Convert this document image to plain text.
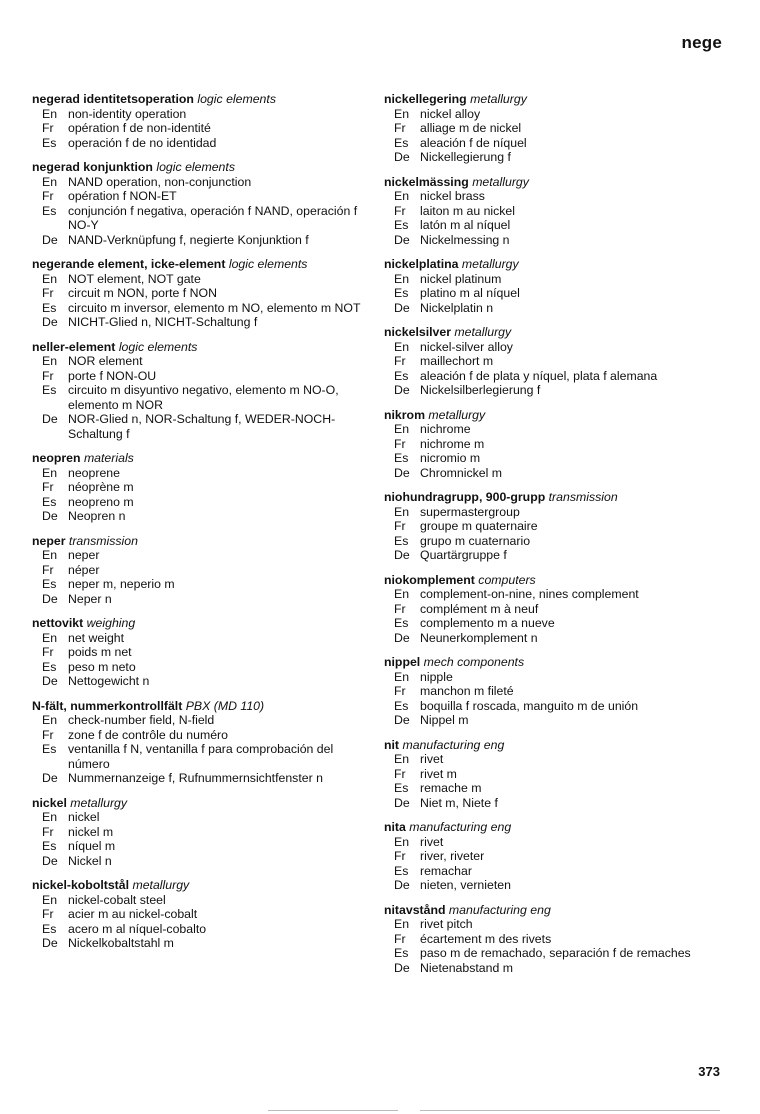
nege
negerad identitetsoperation logic elements
En non-identity operation
Fr	opération f de non-identité
Es operación f de no identidad
negerad konjunktion logic elements
En NAND operation, non-conjunction
Fr	opération f NON-ET
Es conjunción f negativa, operación f NAND, operación f NO-Y
De NAND-Verknüpfung f, negierte Konjunktion f
negerande element, icke-element logic elements
En NOT element, NOT gate
Fr	circuit m NON, porte f NON
Es circuito m inversor, elemento m NO, elemento m NOT
De NICHT-Glied n, NICHT-Schaltung f
neller-element logic elements
En NOR element
Fr	porte f NON-OU
Es circuito m disyuntivo negativo, elemento m NO-O, elemento m NOR
De NOR-Glied n, NOR-Schaltung f, WEDER-NOCH-Schaltung f
neopren materials
En neoprene
Fr	néoprène m
Es neopreno m
De Neopren n
neper transmission
En neper
Fr	néper
Es neper m, neperio m
De Neper n
nettovikt weighing
En net weight
Fr	poids m net
Es peso m neto
De Nettogewicht n
N-fält, nummerkontrollfält PBX (MD 110)
En check-number field, N-field
Fr	zone f de contrôle du numéro
Es ventanilla f N, ventanilla f para comprobación del número
De Nummernanzeige f, Rufnummernsichtfenster n
nickel metallurgy
En nickel
Fr	nickel m
Es níquel m
De Nickel n
nickel-koboltstål metallurgy
En nickel-cobalt steel
Fr	acier m au nickel-cobalt
Es acero m al níquel-cobalto
De Nickelkobaltstahl m
nickellegering metallurgy
En nickel alloy
Fr	alliage m de nickel
Es aleación f de níquel
De Nickellegierung f
nickelmässing metallurgy
En nickel brass
Fr	laiton m au nickel
Es latón m al níquel
De Nickelmessing n
nickelplatina metallurgy
En nickel platinum
Es platino m al níquel
De Nickelplatin n
nickelsilver metallurgy
En nickel-silver alloy
Fr	maillechort m
Es aleación f de plata y níquel, plata f alemana
De Nickelsilberlegierung f
nikrom metallurgy
En nichrome
Fr	nichrome m
Es nicromio m
De Chromnickel m
niohundragrupp, 900-grupp transmission
En supermastergroup
Fr	groupe m quaternaire
Es grupo m cuaternario
De Quartärgruppe f
niokomplement computers
En complement-on-nine, nines complement
Fr	complément m à neuf
Es complemento m a nueve
De Neunerkomplement n
nippel mech components
En nipple
Fr	manchon m fileté
Es boquilla f roscada, manguito m de unión
De Nippel m
nit manufacturing eng
En rivet
Fr	rivet m
Es remache m
De Niet m, Niete f
nita manufacturing eng
En rivet
Fr	river, riveter
Es remachar
De nieten, vernieten
nitavstånd manufacturing eng
En rivet pitch
Fr	écartement m des rivets
Es paso m de remachado, separación f de remaches
De Nietenabstand m
373
